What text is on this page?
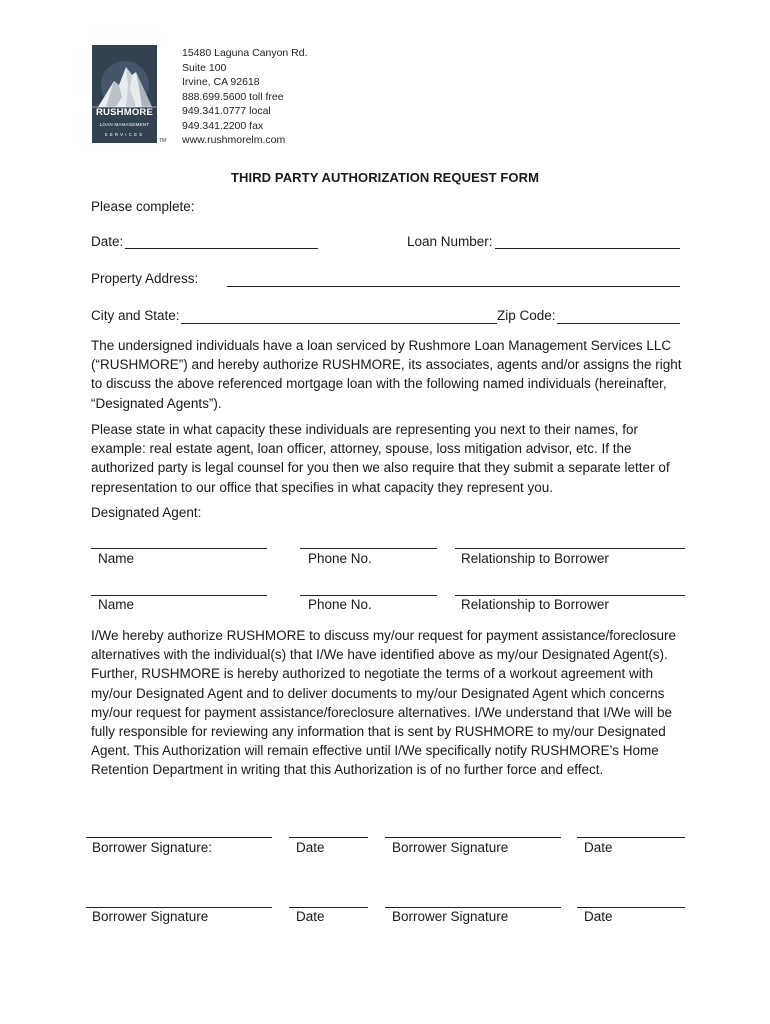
RUSHMORE
LOAN MANAGEMENT
SERVICES
TM
15480 Laguna Canyon Rd.
Suite 100
Irvine, CA 92618
888.699.5600 toll free
949.341.0777 local
949.341.2200 fax
www.rushmorelm.com
THIRD PARTY AUTHORIZATION REQUEST FORM
Please complete:
Date:	Loan Number:
Property Address:
City and State:	Zip Code:

The undersigned individuals have a loan serviced by Rushmore Loan Management Services LLC (“RUSHMORE”) and hereby authorize RUSHMORE, its associates, agents and/or assigns the right to discuss the above referenced mortgage loan with the following named individuals (hereinafter, “Designated Agents”).

Please state in what capacity these individuals are representing you next to their names, for example: real estate agent, loan officer, attorney, spouse, loss mitigation advisor, etc. If the authorized party is legal counsel for you then we also require that they submit a separate letter of representation to our office that specifies in what capacity they represent you.

Designated Agent:
Name	Phone No.	Relationship to Borrower
Name	Phone No.	Relationship to Borrower

I/We hereby authorize RUSHMORE to discuss my/our request for payment assistance/foreclosure alternatives with the individual(s) that I/We have identified above as my/our Designated Agent(s). Further, RUSHMORE is hereby authorized to negotiate the terms of a workout agreement with my/our Designated Agent and to deliver documents to my/our Designated Agent which concerns my/our request for payment assistance/foreclosure alternatives. I/We understand that I/We will be fully responsible for reviewing any information that is sent by RUSHMORE to my/our Designated Agent. This Authorization will remain effective until I/We specifically notify RUSHMORE’s Home Retention Department in writing that this Authorization is of no further force and effect.

Borrower Signature:	Date	Borrower Signature	Date
Borrower Signature	Date	Borrower Signature	Date
